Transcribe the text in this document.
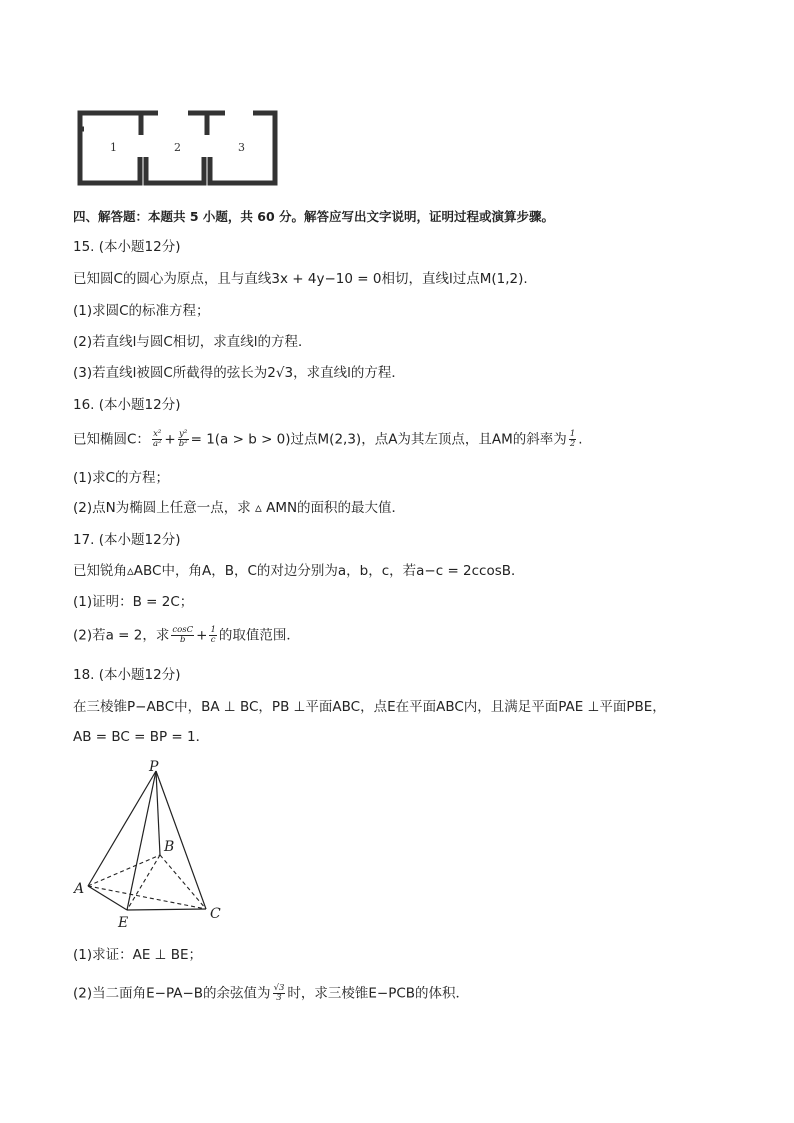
1	2	3
四、解答题：本题共 5 小题，共 60 分。解答应写出文字说明，证明过程或演算步骤。
15. (本小题12分)
已知圆C的圆心为原点，且与直线3x + 4y−10 = 0相切，直线l过点M(1,2).
(1)求圆C的标准方程；
(2)若直线l与圆C相切，求直线l的方程．
(3)若直线l被圆C所截得的弦长为2√3，求直线l的方程．
16. (本小题12分)
已知椭圆C： $\frac{\text{x²}}{\text{a²}} + \frac{\text{y²}}{\text{b²}} = 1(a > b > 0)$过点M(2,3)，点A为其左顶点，且AM的斜率为 $\frac{1}{2}$ .
(1)求C的方程；
(2)点N为椭圆上任意一点，求 ▵ AMN的面积的最大值．
17. (本小题12分)
已知锐角▵ABC中，角A，B，C的对边分别为a，b，c，若a−c = 2ccosB．
(1)证明：B = 2C；
(2)若a = 2，求 $\frac{\cos C}{b} + \frac{1}{c}$ 的取值范围．
18. (本小题12分)
在三棱锥P−ABC中，BA ⊥ BC，PB ⊥平面ABC，点E在平面ABC内，且满足平面PAE ⊥平面PBE，
AB = BC = BP = 1．
P
B
A
E
C
(1)求证：AE ⊥ BE；
(2)当二面角E−PA−B的余弦值为 $\frac{√3}{3}$ 时，求三棱锥E−PCB的体积．
